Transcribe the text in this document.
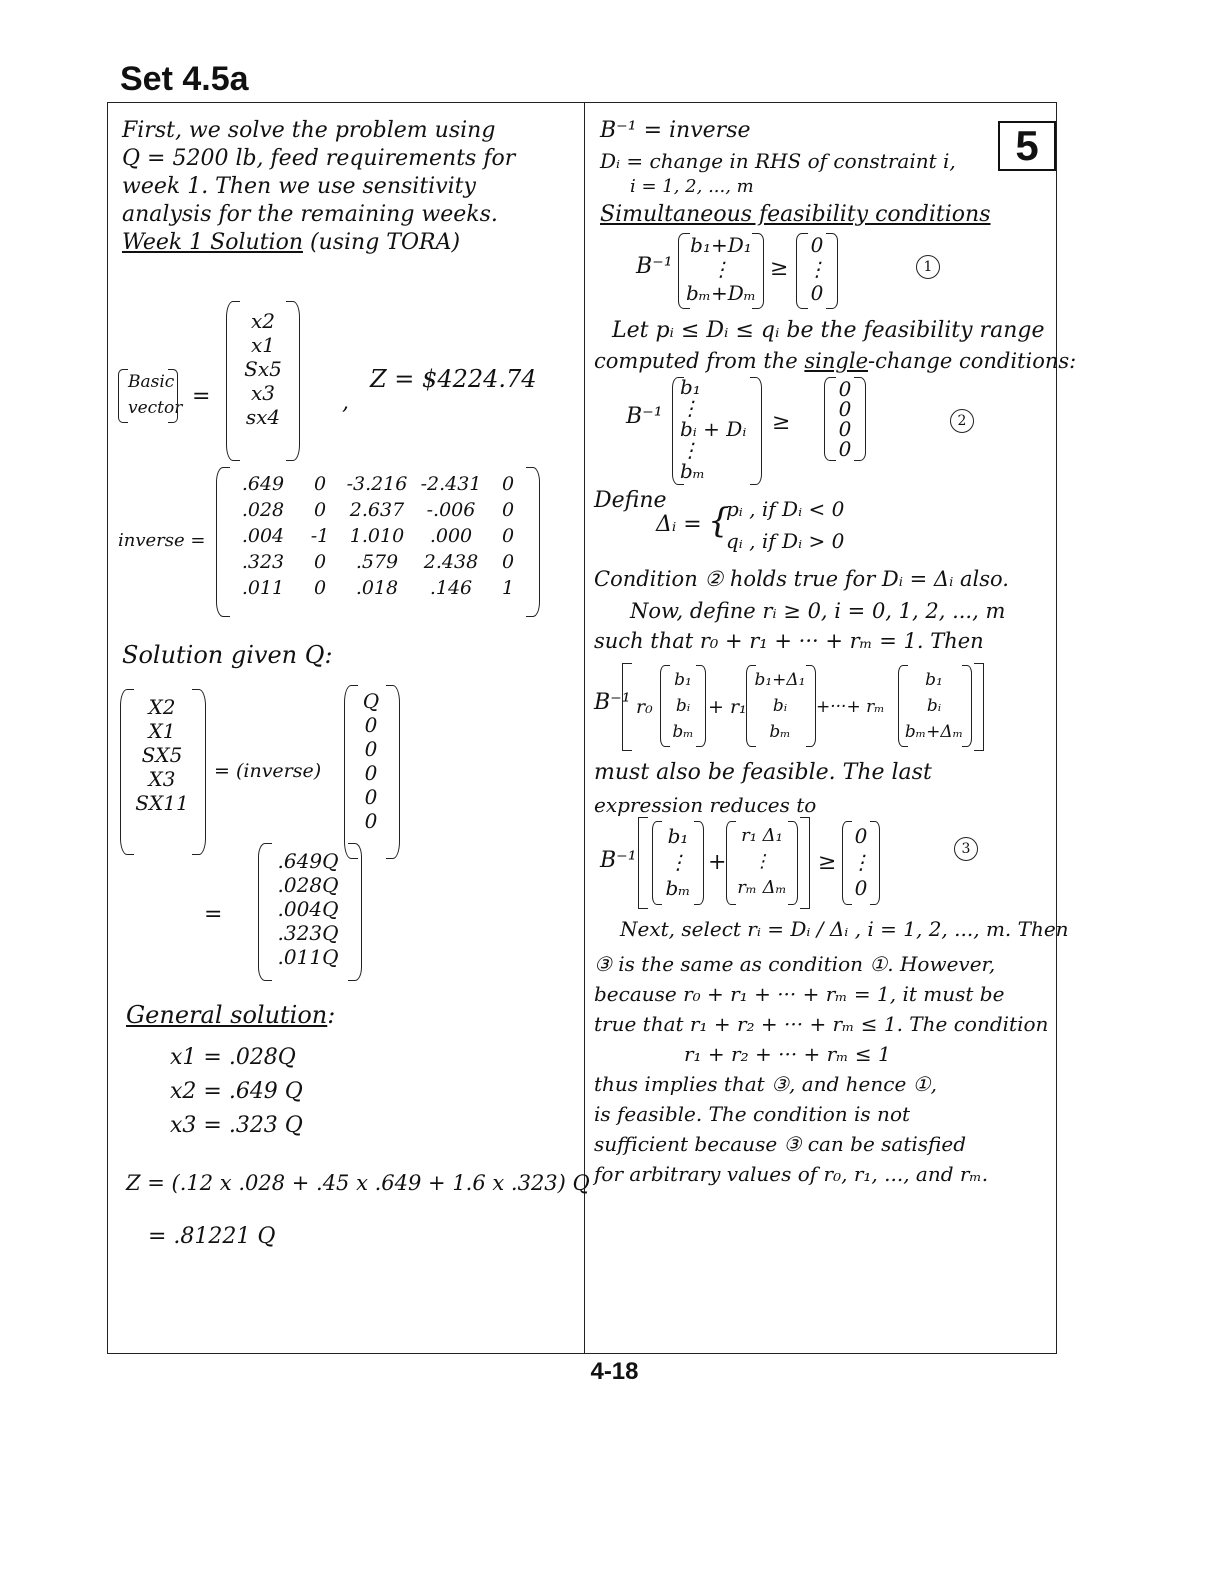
Set 4.5a
5
First, we solve the problem using
Q = 5200 lb, feed requirements for
week 1. Then we use sensitivity
analysis for the remaining weeks.
Week 1 Solution (using TORA)
Basic
vector =
x2
x1
Sx5
x3
sx4
,
Z = $4224.74
inverse =
.649	0	-3.216 -2.431	0
.028	0	2.637	-.006	0
.004	-1	1.010	.000	0
.323	0	.579	2.438	0
.011	0	.018	.146	1
Solution given Q:
X2
X1
SX5
X3
SX11
= (inverse)
Q
0
0
0
0
0
=
.649Q
.028Q
.004Q
.323Q
.011Q
General solution:
x1 = .028Q
x2 = .649 Q
x3 = .323 Q
Z = (.12 x .028 + .45 x .649 + 1.6 x .323) Q
= .81221 Q
B⁻¹ = inverse
Dᵢ = change in RHS of constraint i,
i = 1, 2, ..., m
Simultaneous feasibility conditions
B⁻¹
b₁+D₁
⋮
bₘ+Dₘ
≥
0
⋮
0
1
Let pᵢ ≤ Dᵢ ≤ qᵢ be the feasibility range
computed from the single-change conditions:
B⁻¹
b₁
⋮
bᵢ + Dᵢ
⋮
bₘ
≥
0
0
0
0
2
Define
Δᵢ = {
pᵢ , if Dᵢ < 0
qᵢ , if Dᵢ > 0
Condition ② holds true for Dᵢ = Δᵢ also.
Now, define rᵢ ≥ 0, i = 0, 1, 2, ..., m
such that r₀ + r₁ + ··· + rₘ = 1. Then
B⁻¹ r₀
b₁
bᵢ
bₘ
+ r₁
b₁+Δ₁
bᵢ
bₘ
+···+ rₘ
b₁
bᵢ
bₘ+Δₘ
must also be feasible. The last
expression reduces to
B⁻¹
b₁
⋮
bₘ
+
r₁ Δ₁
⋮
rₘ Δₘ
≥
0
⋮
0
3
Next, select rᵢ = Dᵢ / Δᵢ , i = 1, 2, ..., m. Then
③ is the same as condition ①. However,
because r₀ + r₁ + ··· + rₘ = 1, it must be
true that r₁ + r₂ + ··· + rₘ ≤ 1. The condition
r₁ + r₂ + ··· + rₘ ≤ 1
thus implies that ③, and hence ①,
is feasible. The condition is not
sufficient because ③ can be satisfied
for arbitrary values of r₀, r₁, ..., and rₘ.
4-18
